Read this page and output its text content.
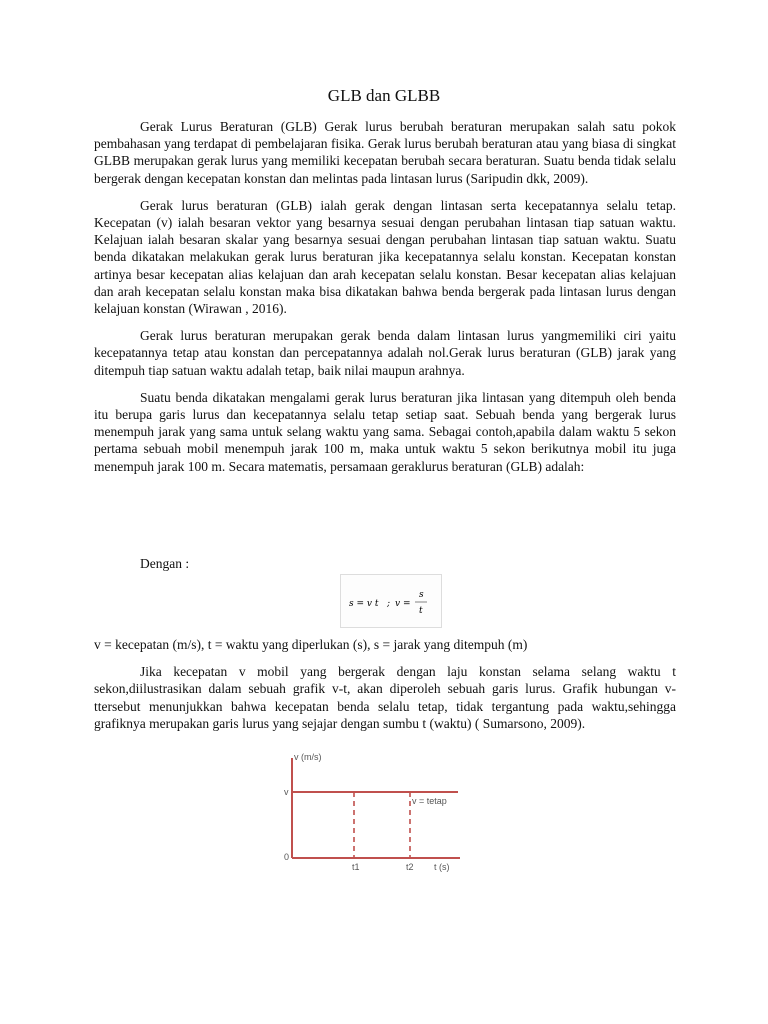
GLB dan GLBB

Gerak Lurus Beraturan (GLB) Gerak lurus berubah beraturan merupakan salah satu pokok pembahasan yang terdapat di pembelajaran fisika. Gerak lurus berubah beraturan atau yang biasa di singkat GLBB merupakan gerak lurus yang memiliki kecepatan berubah secara beraturan. Suatu benda tidak selalu bergerak dengan kecepatan konstan dan melintas pada lintasan lurus (Saripudin dkk, 2009).

Gerak lurus beraturan (GLB) ialah gerak dengan lintasan serta kecepatannya selalu tetap. Kecepatan (v) ialah besaran vektor yang besarnya sesuai dengan perubahan lintasan tiap satuan waktu. Kelajuan ialah besaran skalar yang besarnya sesuai dengan perubahan lintasan tiap satuan waktu. Suatu benda dikatakan melakukan gerak lurus beraturan jika kecepatannya selalu konstan. Kecepatan konstan artinya besar kecepatan alias kelajuan dan arah kecepatan selalu konstan. Besar kecepatan alias kelajuan dan arah kecepatan selalu konstan maka bisa dikatakan bahwa benda bergerak pada lintasan lurus dengan kelajuan konstan (Wirawan , 2016).

Gerak lurus beraturan merupakan gerak benda dalam lintasan lurus yangmemiliki ciri yaitu kecepatannya tetap atau konstan dan percepatannya adalah nol.Gerak lurus beraturan (GLB) jarak yang ditempuh tiap satuan waktu adalah tetap, baik nilai maupun arahnya.

Suatu benda dikatakan mengalami gerak lurus beraturan jika lintasan yang ditempuh oleh benda itu berupa garis lurus dan kecepatannya selalu tetap setiap saat. Sebuah benda yang bergerak lurus menempuh jarak yang sama untuk selang waktu yang sama. Sebagai contoh,apabila dalam waktu 5 sekon pertama sebuah mobil menempuh jarak 100 m, maka untuk waktu 5 sekon berikutnya mobil itu juga menempuh jarak 100 m. Secara matematis, persamaan geraklurus beraturan (GLB) adalah:

Dengan :
s = v t ; v =
s
t

v = kecepatan (m/s), t = waktu yang diperlukan (s), s = jarak yang ditempuh (m)

Jika kecepatan v mobil yang bergerak dengan laju konstan selama selang waktu t sekon,diilustrasikan dalam sebuah grafik v-t, akan diperoleh sebuah garis lurus. Grafik hubungan v-ttersebut menunjukkan bahwa kecepatan benda selalu tetap, tidak tergantung pada waktu,sehingga grafiknya merupakan garis lurus yang sejajar dengan sumbu t (waktu) ( Sumarsono, 2009).

v (m/s)
v
0
t1	t2 t (s)
v = tetap
